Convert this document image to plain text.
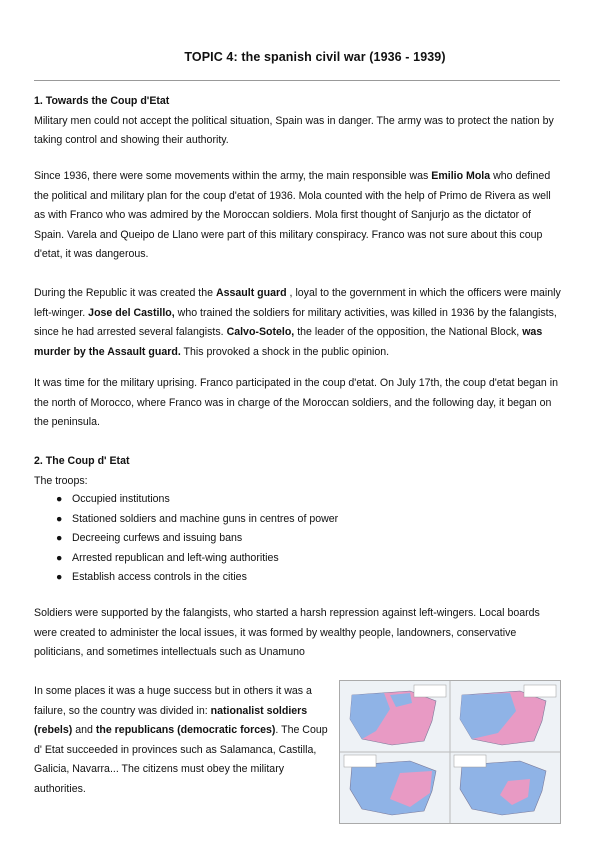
TOPIC 4: the spanish civil war (1936 - 1939)
1. Towards the Coup d'Etat
Military men could not accept the political situation, Spain was in danger. The army was to protect the nation by taking control and showing their authority.
Since 1936, there were some movements within the army, the main responsible was Emilio Mola who defined the political and military plan for the coup d'etat of 1936. Mola counted with the help of Primo de Rivera as well as with Franco who was admired by the Moroccan soldiers. Mola first thought of Sanjurjo as the dictator of Spain. Varela and Queipo de Llano were part of this military conspiracy. Franco was not sure about this coup d'etat, it was dangerous.
During the Republic it was created the Assault guard , loyal to the government in which the officers were mainly left-winger. Jose del Castillo, who trained the soldiers for military activities, was killed in 1936 by the falangists, since he had arrested several falangists. Calvo-Sotelo, the leader of the opposition, the National Block, was murder by the Assault guard. This provoked a shock in the public opinion.
It was time for the military uprising. Franco participated in the coup d'etat. On July 17th, the coup d'etat began in the north of Morocco, where Franco was in charge of the Moroccan soldiers, and the following day, it began on the peninsula.
2. The Coup d' Etat
The troops:
● Occupied institutions
● Stationed soldiers and machine guns in centres of power
● Decreeing curfews and issuing bans
● Arrested republican and left-wing authorities
● Establish access controls in the cities
Soldiers were supported by the falangists, who started a harsh repression against left-wingers. Local boards were created to administer the local issues, it was formed by wealthy people, landowners, conservative politicians, and sometimes intellectuals such as Unamuno
In some places it was a huge success but in others it was a failure, so the country was divided in: nationalist soldiers (rebels) and the republicans (democratic forces). The Coup d' Etat succeeded in provinces such as Salamanca, Castilla, Galicia, Navarra... The citizens must obey the military authorities.
